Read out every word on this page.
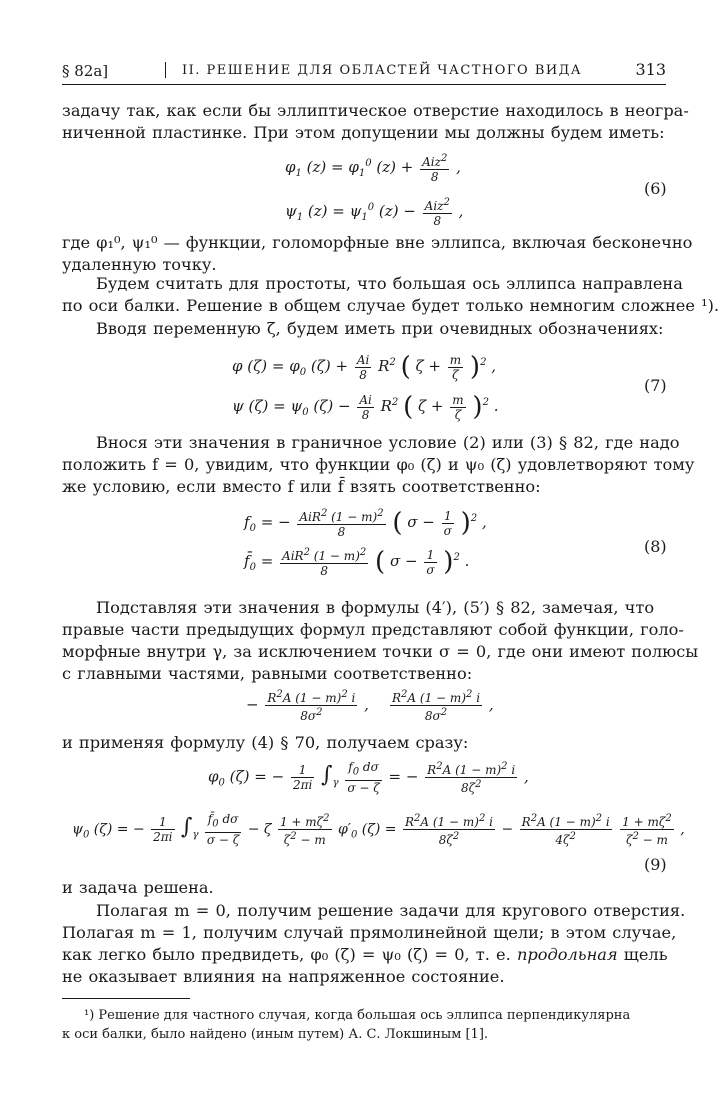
§ 82a]	II. РЕШЕНИЕ ДЛЯ ОБЛАСТЕЙ ЧАСТНОГО ВИДА	313
задачу так, как если бы эллиптическое отверстие находилось в неогра-
ниченной пластинке. При этом допущении мы должны будем иметь:
$\varphi_1$ $(z) = \varphi_1^0$ $(z) + \frac{Aiz^2}{8}$ ,
$\psi_1$ $(z) = \psi_1^0$ $(z) - \frac{Aiz^2}{8}$ ,
(6)
где φ₁⁰, ψ₁⁰ — функции, голоморфные вне эллипса, включая бесконечно
удаленную точку.
Будем считать для простоты, что большая ось эллипса направлена
по оси балки. Решение в общем случае будет только немногим сложнее ¹).
Вводя переменную ζ, будем иметь при очевидных обозначениях:
φ $(\zeta) = \varphi_0$ $(\zeta) + \frac{Ai}{8} R^2$ ( $\zeta + \frac{m}{\zeta} )^2$ ,
ψ $(\zeta) = \psi_0$ $(\zeta) - \frac{Ai}{8} R^2$ ( $\zeta + \frac{m}{\zeta} )^2$ .
(7)
Внося эти значения в граничное условие (2) или (3) § 82, где надо
положить f = 0, увидим, что функции φ₀ (ζ) и ψ₀ (ζ) удовлетворяют тому
же условию, если вместо f или f̄ взять соответственно:
$f_0$ = − $\frac{AiR^2 (1 - m)^2}{8}$ ( $\sigma - \frac{1}{\sigma} )^2$ ,
$f̄_0 = \frac{AiR^2 (1 - m)^2}{8}$ ( $\sigma - \frac{1}{\sigma} )^2$ .
(8)
Подставляя эти значения в формулы (4′), (5′) § 82, замечая, что
правые части предыдущих формул представляют собой функции, голо-
морфные внутри γ, за исключением точки σ = 0, где они имеют полюсы
с главными частями, равными соответственно:
− $\frac{R^2A (1 - m)^2 i}{8\sigma^2}$ , $\frac{R^2A (1 - m)^2 i}{8\sigma^2}$ ,
и применяя формулу (4) § 70, получаем сразу:
$\varphi_0$ (ζ) = − $\frac{1}{2\pi i} \int_\gamma \frac{f_0 d\sigma}{\sigma - \zeta}$ = − $\frac{R^2A (1 - m)^2 i}{8\zeta^2}$ ,
$\psi_0$ (ζ) = − $\frac{1}{2\pi i} \int_\gamma \frac{f̄_0 d\sigma}{\sigma - \zeta} - \zeta \frac{1 + m\zeta^2}{\zeta^2 - m} \varphi'_0$ $(\zeta) = \frac{R^2A (1 - m)^2 i}{8\zeta^2} - \frac{R^2A (1 - m)^2 i}{4\zeta^2}$
$\frac{1 + m\zeta^2}{\zeta^2 - m}$ ,
(9)
и задача решена.
Полагая m = 0, получим решение задачи для кругового отверстия.
Полагая m = 1, получим случай прямолинейной щели; в этом случае,
как легко было предвидеть, φ₀ (ζ) = ψ₀ (ζ) = 0, т. е. продольная щель
не оказывает влияния на напряженное состояние.
¹) Решение для частного случая, когда большая ось эллипса перпендикулярна
к оси балки, было найдено (иным путем) А. С. Локшиным [1].
